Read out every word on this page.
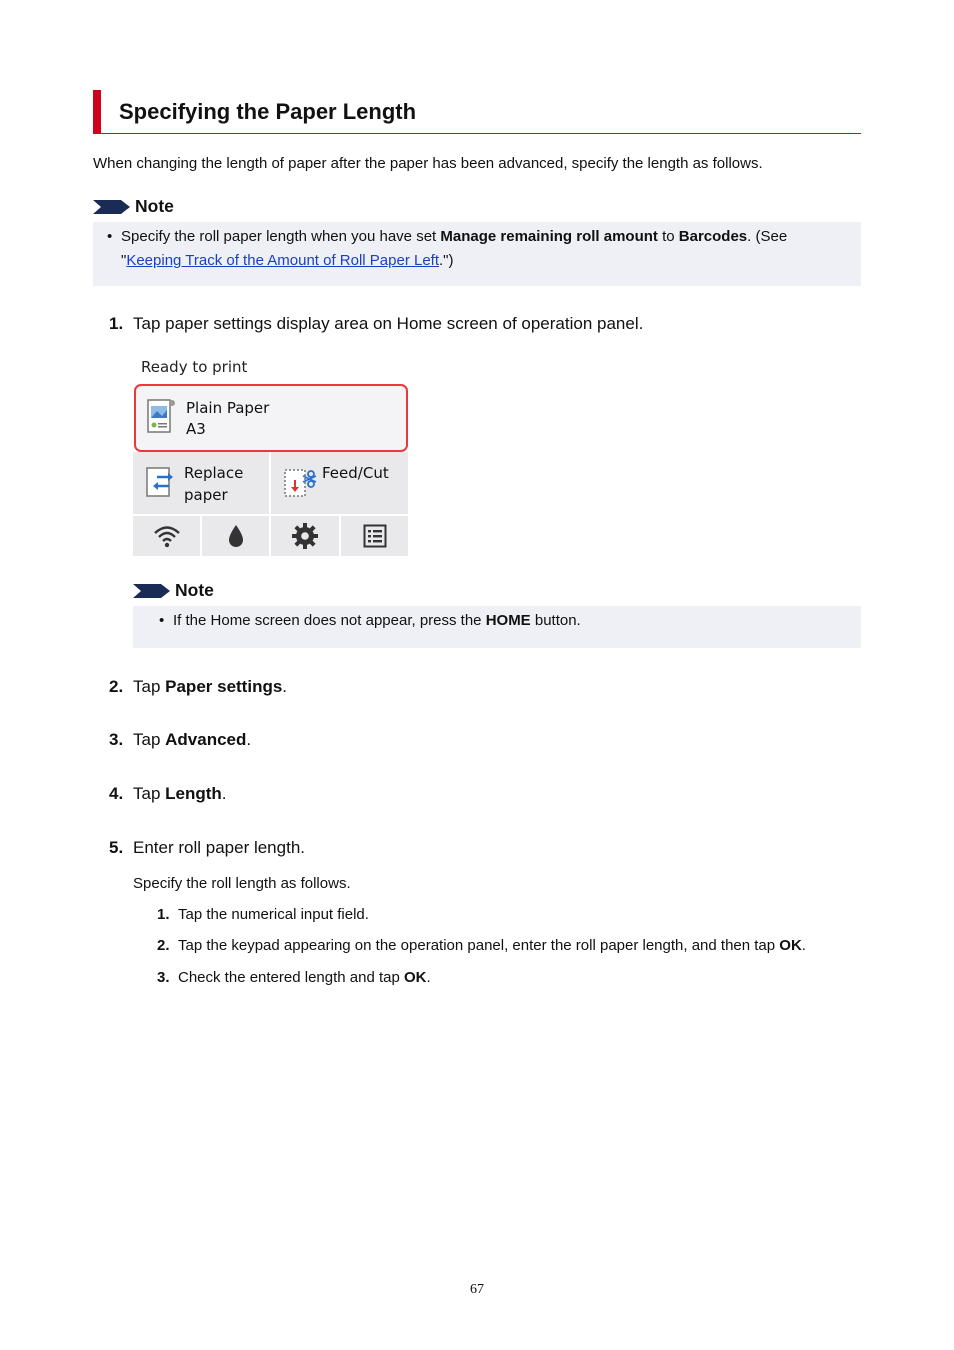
Specifying the Paper Length
When changing the length of paper after the paper has been advanced, specify the length as follows.
Note
• Specify the roll paper length when you have set Manage remaining roll amount to Barcodes. (See
"Keeping Track of the Amount of Roll Paper Left.")
1. Tap paper settings display area on Home screen of operation panel.
Ready to print
Plain Paper
A3
Replace
paper
Feed/Cut
Note
• If the Home screen does not appear, press the HOME button.
2. Tap Paper settings.
3. Tap Advanced.
4. Tap Length.
5. Enter roll paper length.
Specify the roll length as follows.
1. Tap the numerical input field.
2. Tap the keypad appearing on the operation panel, enter the roll paper length, and then tap OK.
3. Check the entered length and tap OK.
67
